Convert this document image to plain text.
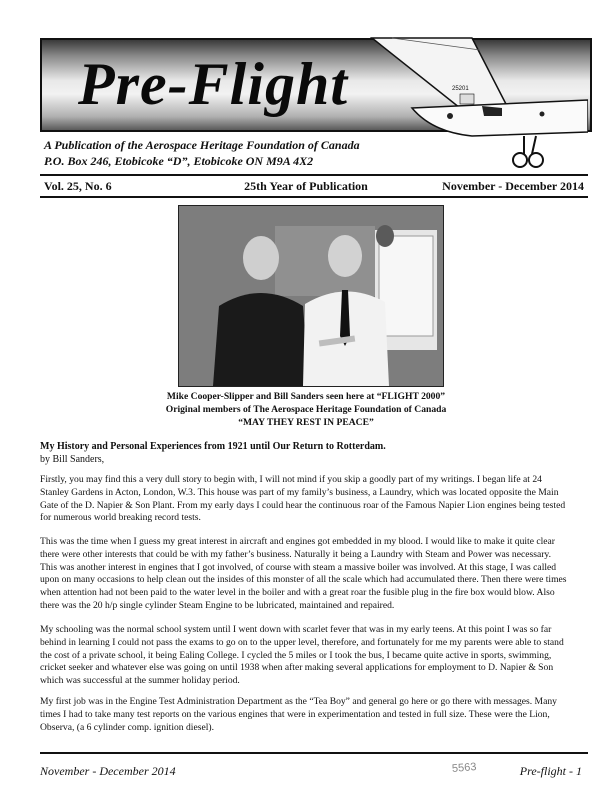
Pre-Flight	25201
A Publication of the Aerospace Heritage Foundation of Canada
P.O. Box 246, Etobicoke “D”, Etobicoke ON M9A 4X2
Vol. 25, No. 6	25th Year of Publication	November - December 2014
Mike Cooper-Slipper and Bill Sanders seen here at “FLIGHT 2000”
Original members of The Aerospace Heritage Foundation of Canada
“MAY THEY REST IN PEACE”
My History and Personal Experiences from 1921 until Our Return to Rotterdam.
by Bill Sanders,
Firstly, you may find this a very dull story to begin with, I will not mind if you skip a goodly part of my writings. I began life at 24
Stanley Gardens in Acton, London, W.3. This house was part of my family’s business, a Laundry, which was located opposite the Main
Gate of the D. Napier & Son Plant. From my early days I could hear the continuous roar of the Famous Napier Lion engines being tested
for numerous world breaking record tests.
This was the time when I guess my great interest in aircraft and engines got embedded in my blood. I would like to make it quite clear
there were other interests that could be with my father’s business. Naturally it being a Laundry with Steam and Power was necessary.
This was another interest in engines that I got involved, of course with steam a massive boiler was involved. At this stage, I was called
upon on many occasions to help clean out the insides of this monster of all the scale which had accumulated there. Then there were times
when attention had not been paid to the water level in the boiler and with a great roar the fusible plug in the fire box would blow. Also
there was the 20 h/p single cylinder Steam Engine to be lubricated, maintained and repaired.
My schooling was the normal school system until I went down with scarlet fever that was in my early teens. At this point I was so far
behind in learning I could not pass the exams to go on to the upper level, therefore, and fortunately for me my parents were able to stand
the cost of a private school, it being Ealing College. I cycled the 5 miles or I took the bus, I became quite active in sports, swimming,
cricket seeker and whatever else was going on until 1938 when after making several applications for employment to D. Napier & Son
which was successful at the summer holiday period.
My first job was in the Engine Test Administration Department as the “Tea Boy” and general go here or go there with messages. Many
times I had to take many test reports on the various engines that were in experimentation and tested in full size. These were the Lion,
Observa, (a 6 cylinder comp. ignition diesel).
November - December 2014	5563	Pre-flight - 1
